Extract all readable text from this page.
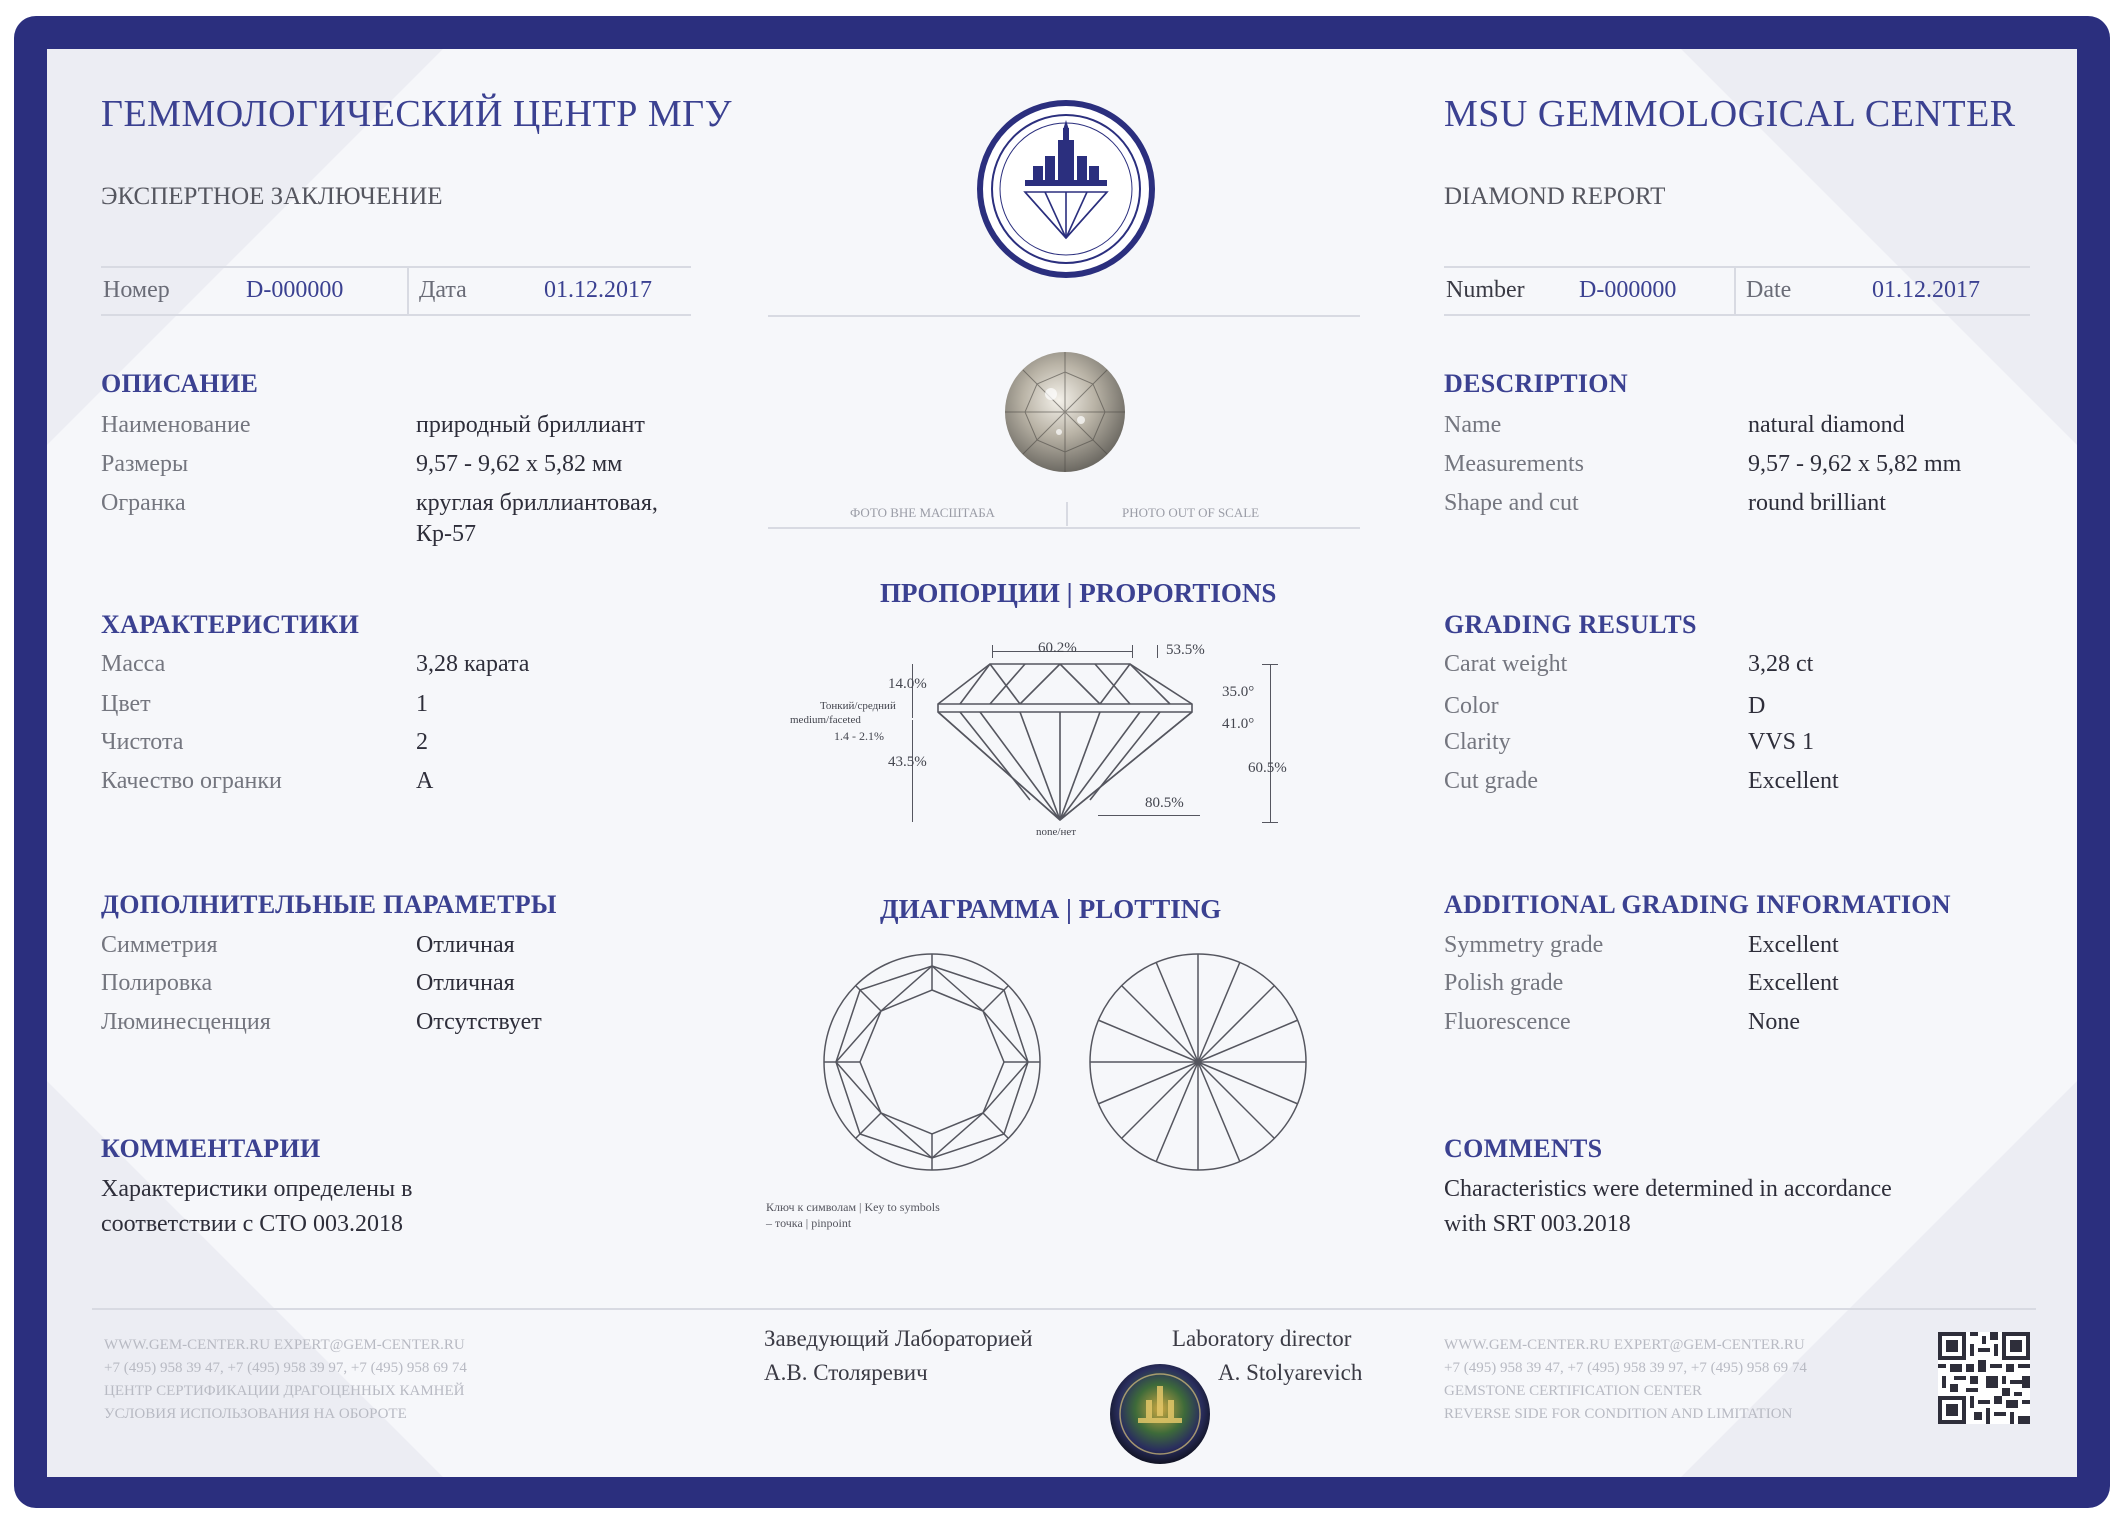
ГЕММОЛОГИЧЕСКИЙ ЦЕНТР МГУ
ЭКСПЕРТНОЕ ЗАКЛЮЧЕНИЕ
Номер	D-000000	Дата	01.12.2017
MSU GEMMOLOGICAL CENTER
DIAMOND REPORT
Number D-000000	Date	01.12.2017
ФОТО ВНЕ МАСШТАБА	PHOTO OUT OF SCALE
ПРОПОРЦИИ | PROPORTIONS
60.2%	53.5%
14.0%	35.0°
41.0°
Тонкий/средний
medium/faceted
1.4 - 2.1%
43.5%	60.5%
80.5%
none/нет
ДИАГРАММА | PLOTTING
Ключ к символам | Key to symbols
– точка | pinpoint
ОПИСАНИЕ
Наименование	природный бриллиант
Размеры	9,57 - 9,62 х 5,82 мм
Огранка	круглая бриллиантовая,
Кр-57
ХАРАКТЕРИСТИКИ
Масса	3,28 карата
Цвет	1
Чистота	2
Качество огранки	А
ДОПОЛНИТЕЛЬНЫЕ ПАРАМЕТРЫ
Симметрия	Отличная
Полировка	Отличная
Люминесценция	Отсутствует
КОММЕНТАРИИ
Характеристики определены в
соответствии с СТО 003.2018
DESCRIPTION
Name	natural diamond
Measurements	9,57 - 9,62 x 5,82 mm
Shape and cut	round brilliant
GRADING RESULTS
Carat weight	3,28 ct
Color	D
Clarity	VVS 1
Cut grade	Excellent
ADDITIONAL GRADING INFORMATION
Symmetry grade	Excellent
Polish grade	Excellent
Fluorescence	None
COMMENTS
Characteristics were determined in accordance
with SRT 003.2018
WWW.GEM-CENTER.RU EXPERT@GEM-CENTER.RU
+7 (495) 958 39 47, +7 (495) 958 39 97, +7 (495) 958 69 74
ЦЕНТР СЕРТИФИКАЦИИ ДРАГОЦЕННЫХ КАМНЕЙ
УСЛОВИЯ ИСПОЛЬЗОВАНИЯ НА ОБОРОТЕ
WWW.GEM-CENTER.RU EXPERT@GEM-CENTER.RU
+7 (495) 958 39 47, +7 (495) 958 39 97, +7 (495) 958 69 74
GEMSTONE CERTIFICATION CENTER
REVERSE SIDE FOR CONDITION AND LIMITATION
Заведующий Лабораторией
А.В. Столяревич
Laboratory director
A. Stolyarevich
